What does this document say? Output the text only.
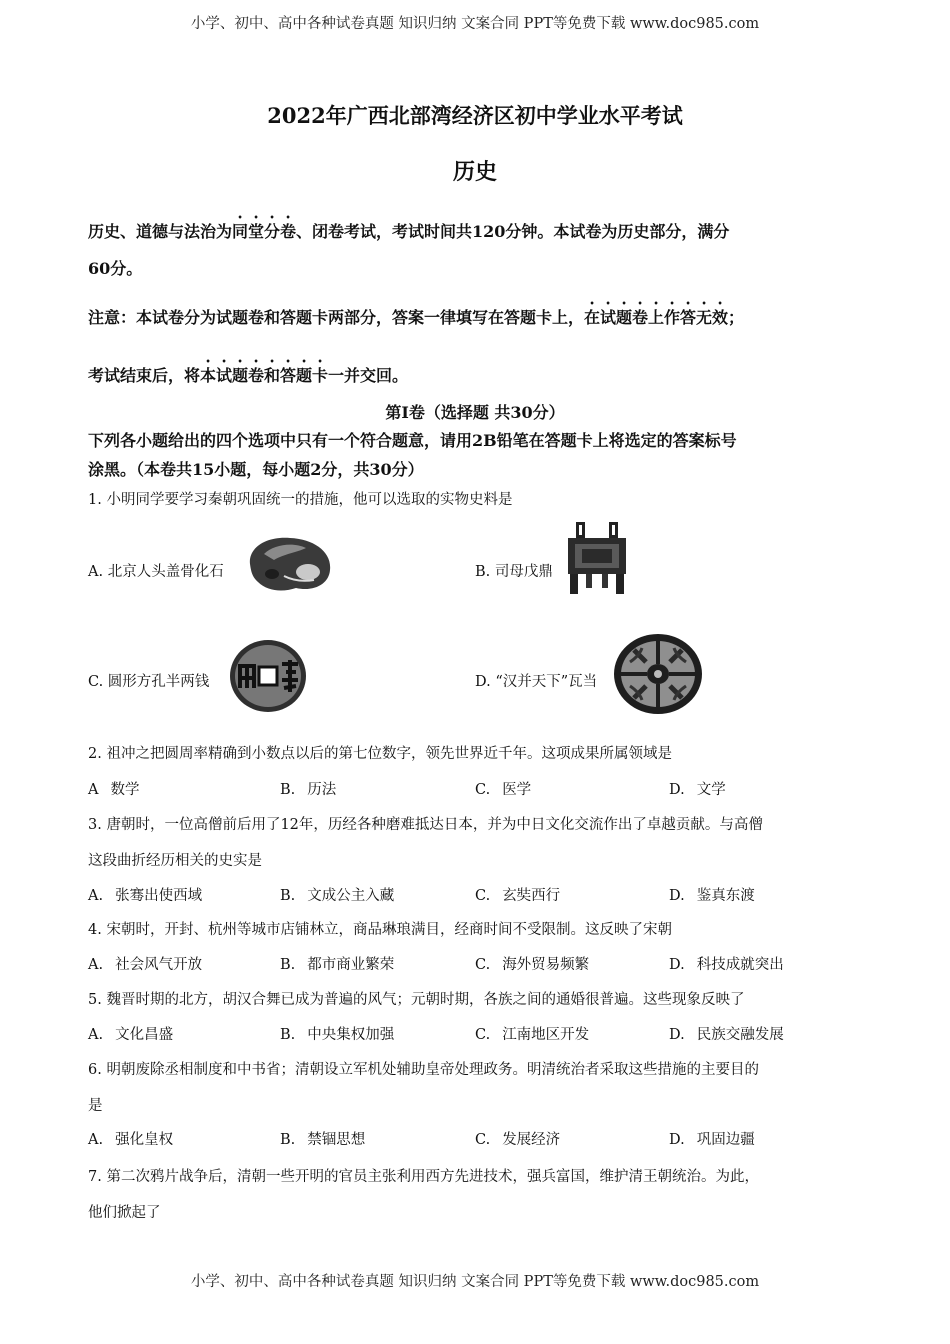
小学、初中、高中各种试卷真题 知识归纳 文案合同 PPT等免费下载 www.doc985.com
2022年广西北部湾经济区初中学业水平考试
历史
历史、道德与法治为同堂分卷、闭卷考试，考试时间共120分钟。本试卷为历史部分，满分
60分。
注意：本试卷分为试题卷和答题卡两部分，答案一律填写在答题卡上，在试题卷上作答无效；
考试结束后，将本试题卷和答题卡一并交回。
第Ⅰ卷（选择题 共30分）
下列各小题给出的四个选项中只有一个符合题意，请用2B铅笔在答题卡上将选定的答案标号
涂黑。（本卷共15小题，每小题2分，共30分）
1. 小明同学要学习秦朝巩固统一的措施，他可以选取的实物史料是
A. 北京人头盖骨化石	B. 司母戊鼎
C. 圆形方孔半两钱	D. “汉并天下”瓦当
2. 祖冲之把圆周率精确到小数点以后的第七位数字，领先世界近千年。这项成果所属领域是
A 数学	B. 历法	C. 医学	D. 文学
3. 唐朝时，一位高僧前后用了12年，历经各种磨难抵达日本，并为中日文化交流作出了卓越贡献。与高僧
这段曲折经历相关的史实是
A. 张骞出使西域	B. 文成公主入藏	C. 玄奘西行	D. 鉴真东渡
4. 宋朝时，开封、杭州等城市店铺林立，商品琳琅满目，经商时间不受限制。这反映了宋朝
A. 社会风气开放	B. 都市商业繁荣	C. 海外贸易频繁	D. 科技成就突出
5. 魏晋时期的北方，胡汉合舞已成为普遍的风气；元朝时期，各族之间的通婚很普遍。这些现象反映了
A. 文化昌盛	B. 中央集权加强	C. 江南地区开发	D. 民族交融发展
6. 明朝废除丞相制度和中书省；清朝设立军机处辅助皇帝处理政务。明清统治者采取这些措施的主要目的
是
A. 强化皇权	B. 禁锢思想	C. 发展经济	D. 巩固边疆
7. 第二次鸦片战争后，清朝一些开明的官员主张利用西方先进技术，强兵富国，维护清王朝统治。为此，
他们掀起了
小学、初中、高中各种试卷真题 知识归纳 文案合同 PPT等免费下载 www.doc985.com
